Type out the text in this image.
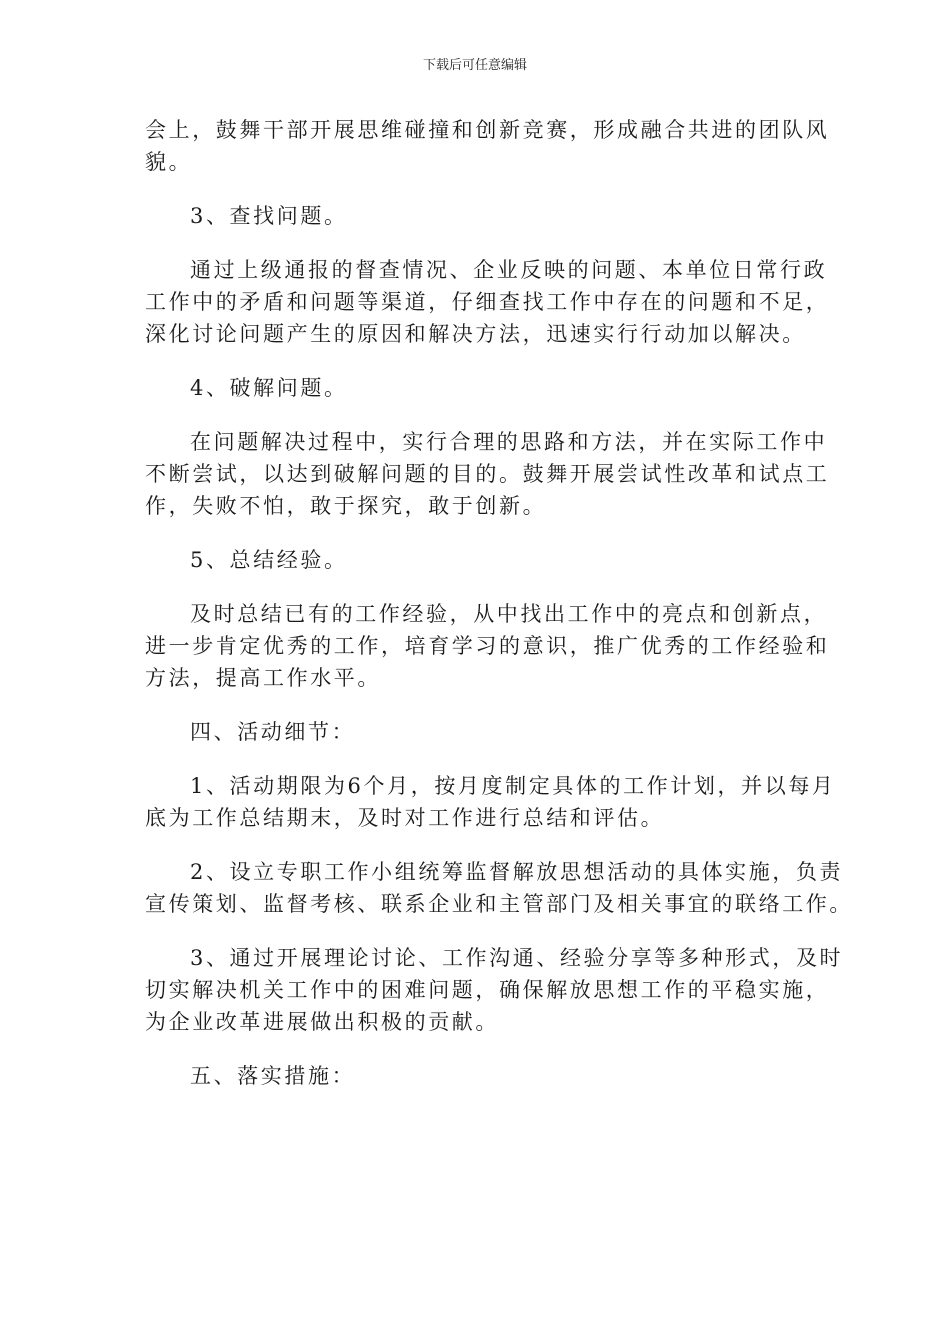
下载后可任意编辑

会上，鼓舞干部开展思维碰撞和创新竞赛，形成融合共进的团队风
貌。

3、查找问题。

通过上级通报的督查情况、企业反映的问题、本单位日常行政
工作中的矛盾和问题等渠道，仔细查找工作中存在的问题和不足，
深化讨论问题产生的原因和解决方法，迅速实行行动加以解决。

4、破解问题。

在问题解决过程中，实行合理的思路和方法，并在实际工作中
不断尝试，以达到破解问题的目的。鼓舞开展尝试性改革和试点工
作，失败不怕，敢于探究，敢于创新。

5、总结经验。

及时总结已有的工作经验，从中找出工作中的亮点和创新点，
进一步肯定优秀的工作，培育学习的意识，推广优秀的工作经验和
方法，提高工作水平。

四、活动细节：

1、活动期限为6个月，按月度制定具体的工作计划，并以每月
底为工作总结期末，及时对工作进行总结和评估。

2、设立专职工作小组统筹监督解放思想活动的具体实施，负责
宣传策划、监督考核、联系企业和主管部门及相关事宜的联络工作。

3、通过开展理论讨论、工作沟通、经验分享等多种形式，及时
切实解决机关工作中的困难问题，确保解放思想工作的平稳实施，
为企业改革进展做出积极的贡献。

五、落实措施：
